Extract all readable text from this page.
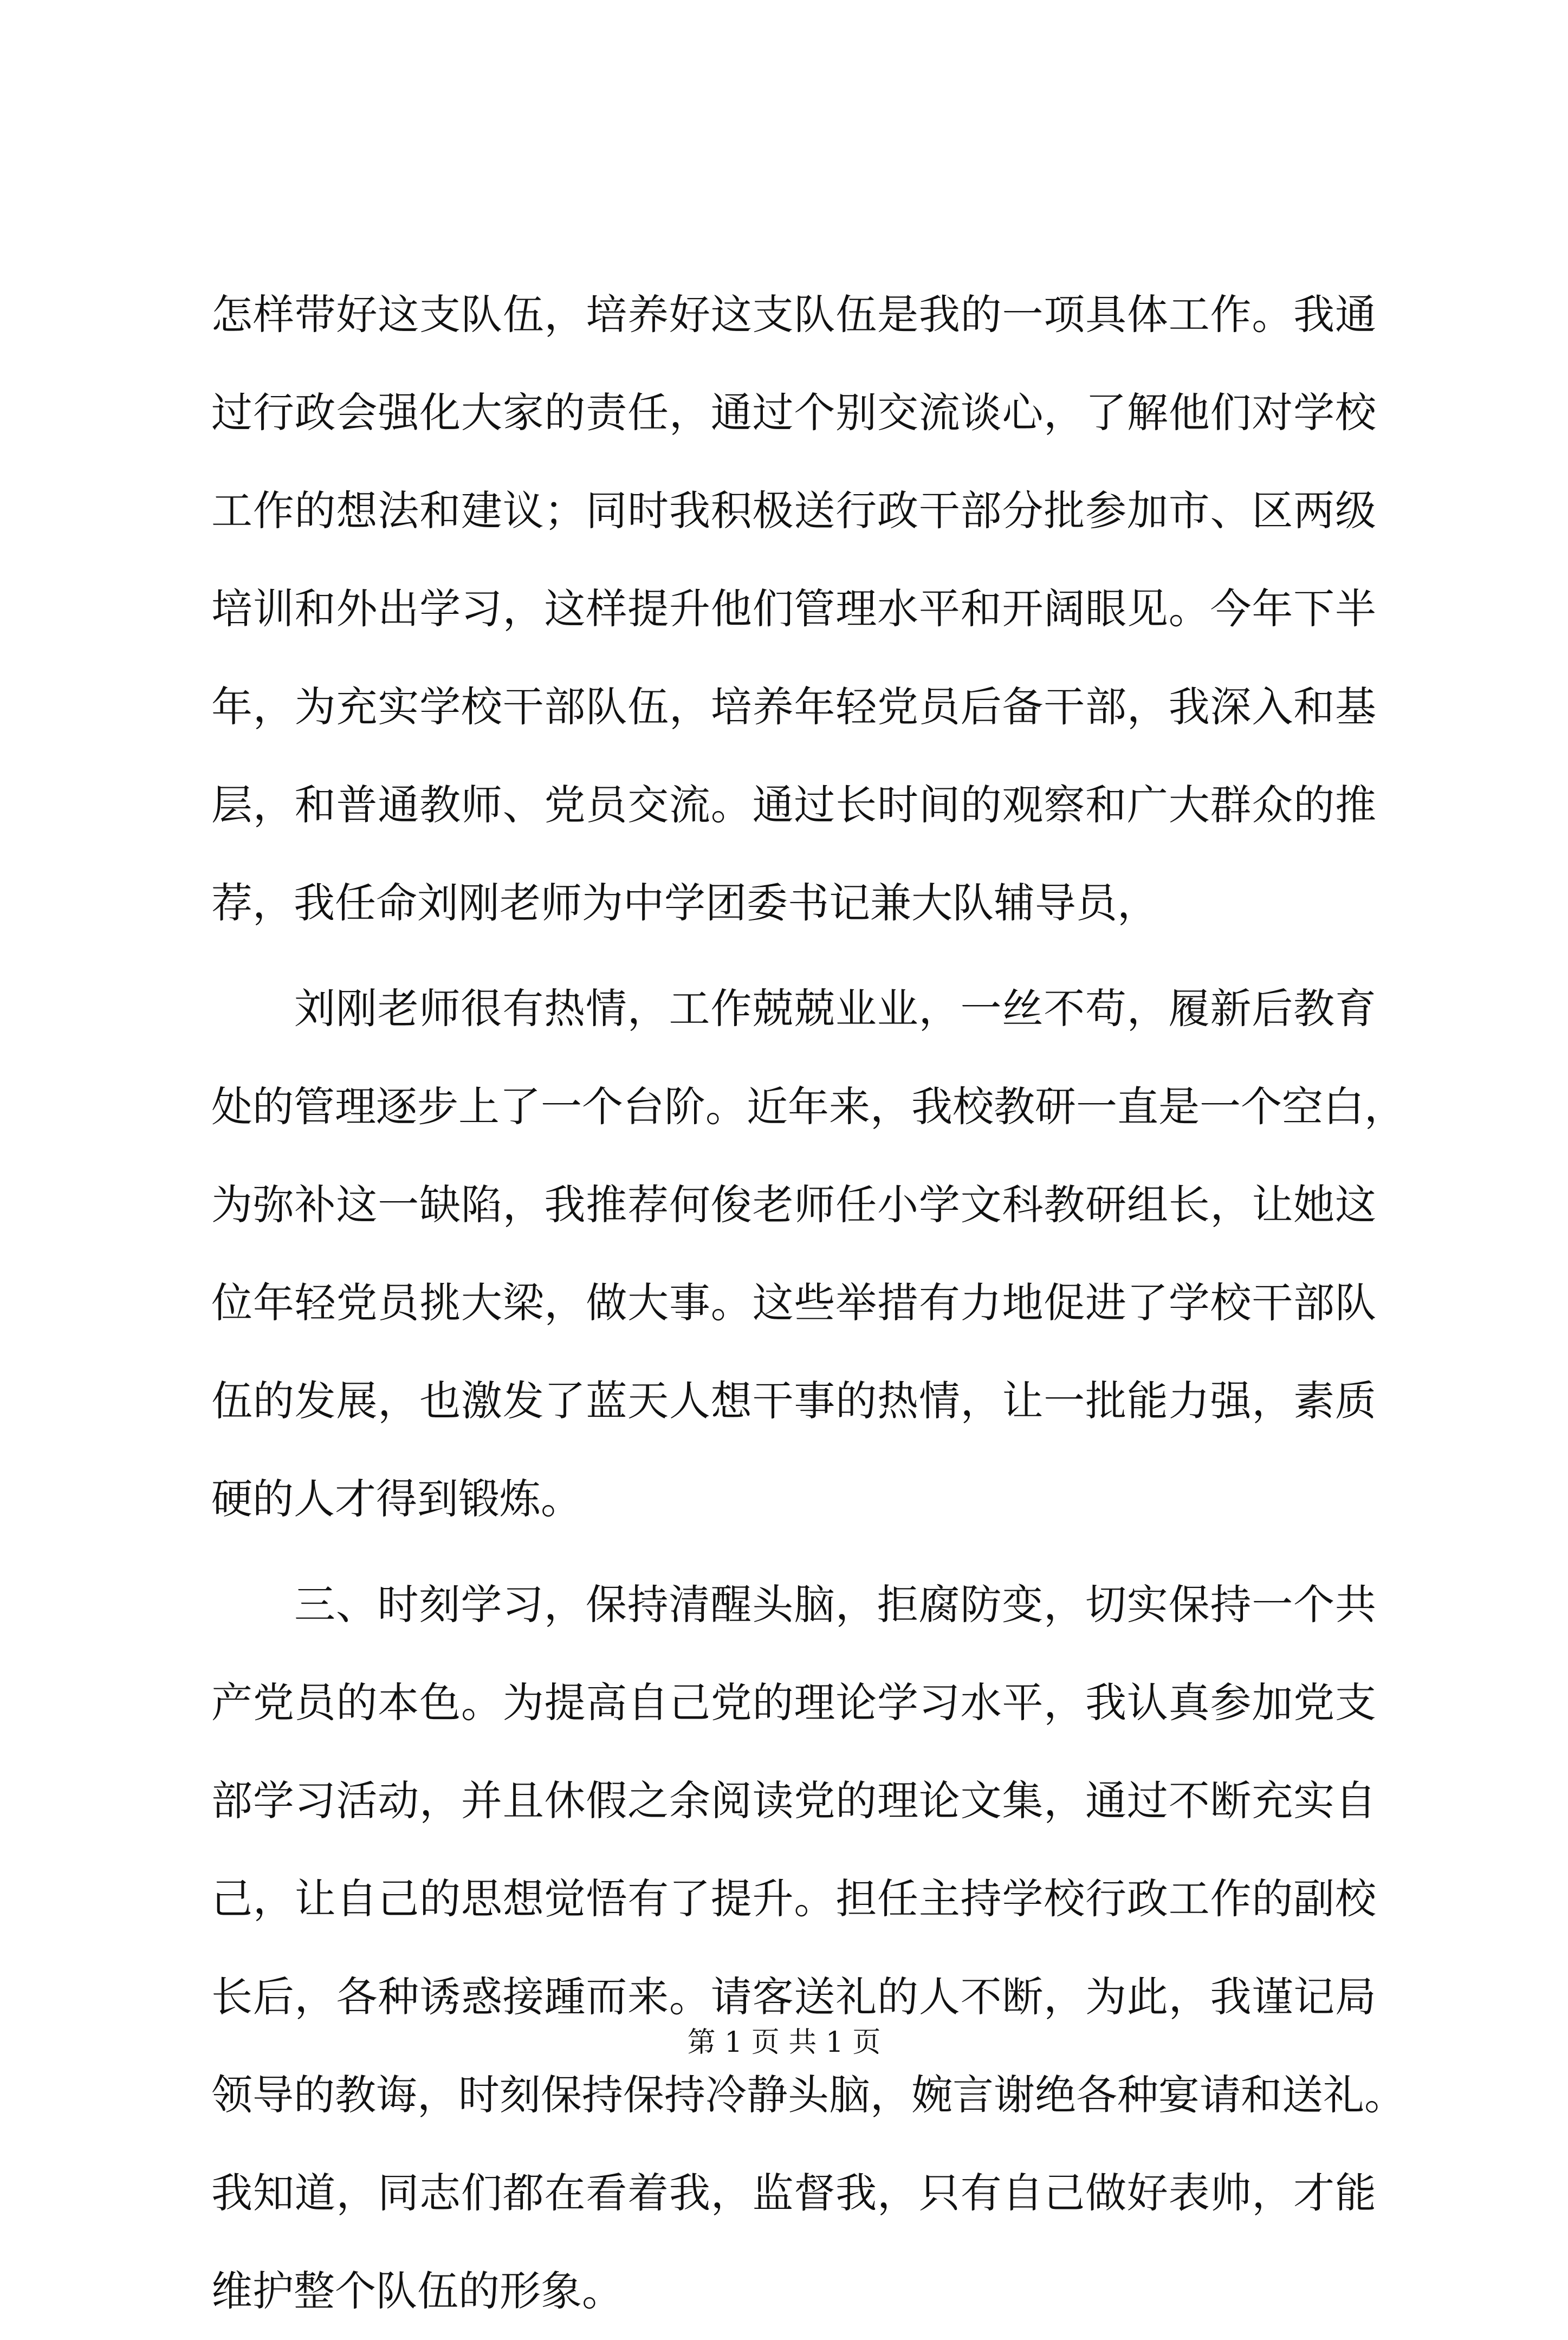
怎样带好这支队伍，培养好这支队伍是我的一项具体工作。我通
过行政会强化大家的责任，通过个别交流谈心，了解他们对学校
工作的想法和建议；同时我积极送行政干部分批参加市、区两级
培训和外出学习，这样提升他们管理水平和开阔眼见。今年下半
年，为充实学校干部队伍，培养年轻党员后备干部，我深入和基
层，和普通教师、党员交流。通过长时间的观察和广大群众的推
荐，我任命刘刚老师为中学团委书记兼大队辅导员，
刘刚老师很有热情，工作兢兢业业，一丝不苟，履新后教育
处的管理逐步上了一个台阶。近年来，我校教研一直是一个空白，
为弥补这一缺陷，我推荐何俊老师任小学文科教研组长，让她这
位年轻党员挑大梁，做大事。这些举措有力地促进了学校干部队
伍的发展，也激发了蓝天人想干事的热情，让一批能力强，素质
硬的人才得到锻炼。
三、时刻学习，保持清醒头脑，拒腐防变，切实保持一个共
产党员的本色。为提高自己党的理论学习水平，我认真参加党支
部学习活动，并且休假之余阅读党的理论文集，通过不断充实自
己，让自己的思想觉悟有了提升。担任主持学校行政工作的副校
长后，各种诱惑接踵而来。请客送礼的人不断，为此，我谨记局
领导的教诲，时刻保持保持冷静头脑，婉言谢绝各种宴请和送礼。
我知道，同志们都在看着我，监督我，只有自己做好表帅，才能
维护整个队伍的形象。
第 1 页 共 1 页
